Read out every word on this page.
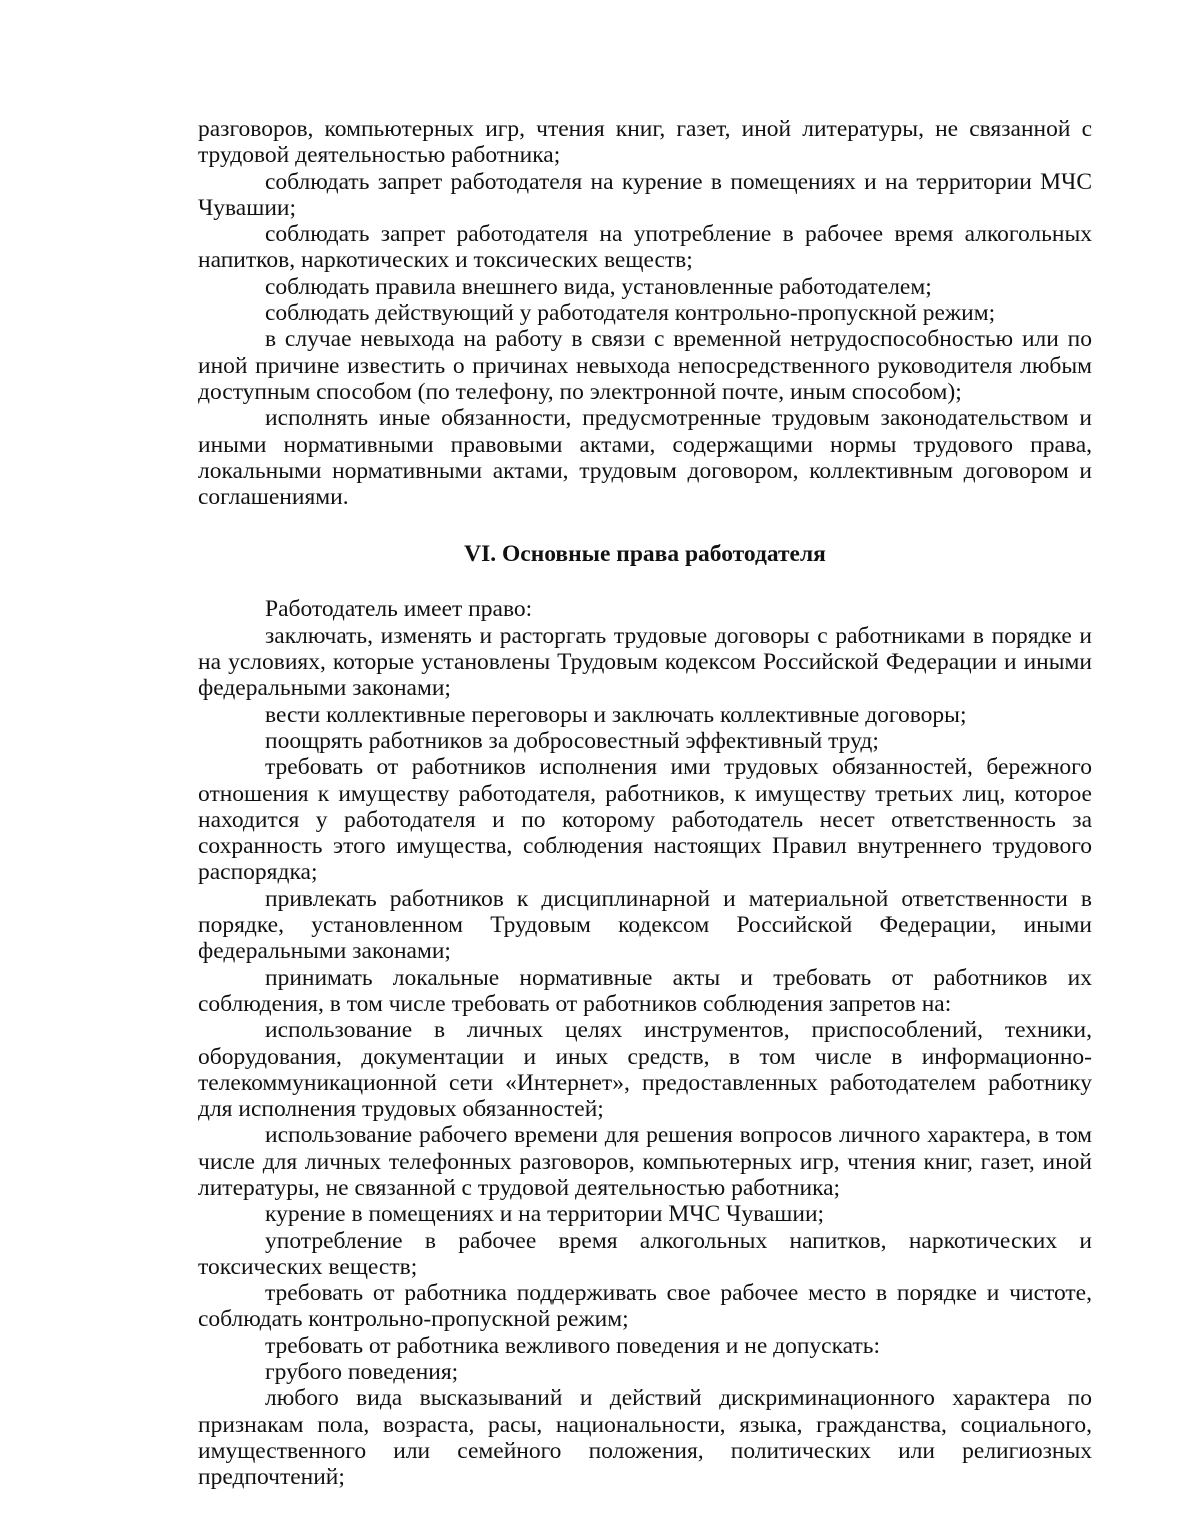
разговоров, компьютерных игр, чтения книг, газет, иной литературы, не связанной с трудовой деятельностью работника;

соблюдать запрет работодателя на курение в помещениях и на территории МЧС Чувашии;

соблюдать запрет работодателя на употребление в рабочее время алкогольных напитков, наркотических и токсических веществ;

соблюдать правила внешнего вида, установленные работодателем;

соблюдать действующий у работодателя контрольно-пропускной режим;

в случае невыхода на работу в связи с временной нетрудоспособностью или по иной причине известить о причинах невыхода непосредственного руководителя любым доступным способом (по телефону, по электронной почте, иным способом);

исполнять иные обязанности, предусмотренные трудовым законодательством и иными нормативными правовыми актами, содержащими нормы трудового права, локальными нормативными актами, трудовым договором, коллективным договором и соглашениями.

VI. Основные права работодателя

Работодатель имеет право:

заключать, изменять и расторгать трудовые договоры с работниками в порядке и на условиях, которые установлены Трудовым кодексом Российской Федерации и иными федеральными законами;

вести коллективные переговоры и заключать коллективные договоры;

поощрять работников за добросовестный эффективный труд;

требовать от работников исполнения ими трудовых обязанностей, бережного отношения к имуществу работодателя, работников, к имуществу третьих лиц, которое находится у работодателя и по которому работодатель несет ответственность за сохранность этого имущества, соблюдения настоящих Правил внутреннего трудового распорядка;

привлекать работников к дисциплинарной и материальной ответственности в порядке, установленном Трудовым кодексом Российской Федерации, иными федеральными законами;

принимать локальные нормативные акты и требовать от работников их соблюдения, в том числе требовать от работников соблюдения запретов на:

использование в личных целях инструментов, приспособлений, техники, оборудования, документации и иных средств, в том числе в информационно-телекоммуникационной сети «Интернет», предоставленных работодателем работнику для исполнения трудовых обязанностей;

использование рабочего времени для решения вопросов личного характера, в том числе для личных телефонных разговоров, компьютерных игр, чтения книг, газет, иной литературы, не связанной с трудовой деятельностью работника;

курение в помещениях и на территории МЧС Чувашии;

употребление в рабочее время алкогольных напитков, наркотических и токсических веществ;

требовать от работника поддерживать свое рабочее место в порядке и чистоте, соблюдать контрольно-пропускной режим;

требовать от работника вежливого поведения и не допускать:

грубого поведения;

любого вида высказываний и действий дискриминационного характера по признакам пола, возраста, расы, национальности, языка, гражданства, социального, имущественного или семейного положения, политических или религиозных предпочтений;
